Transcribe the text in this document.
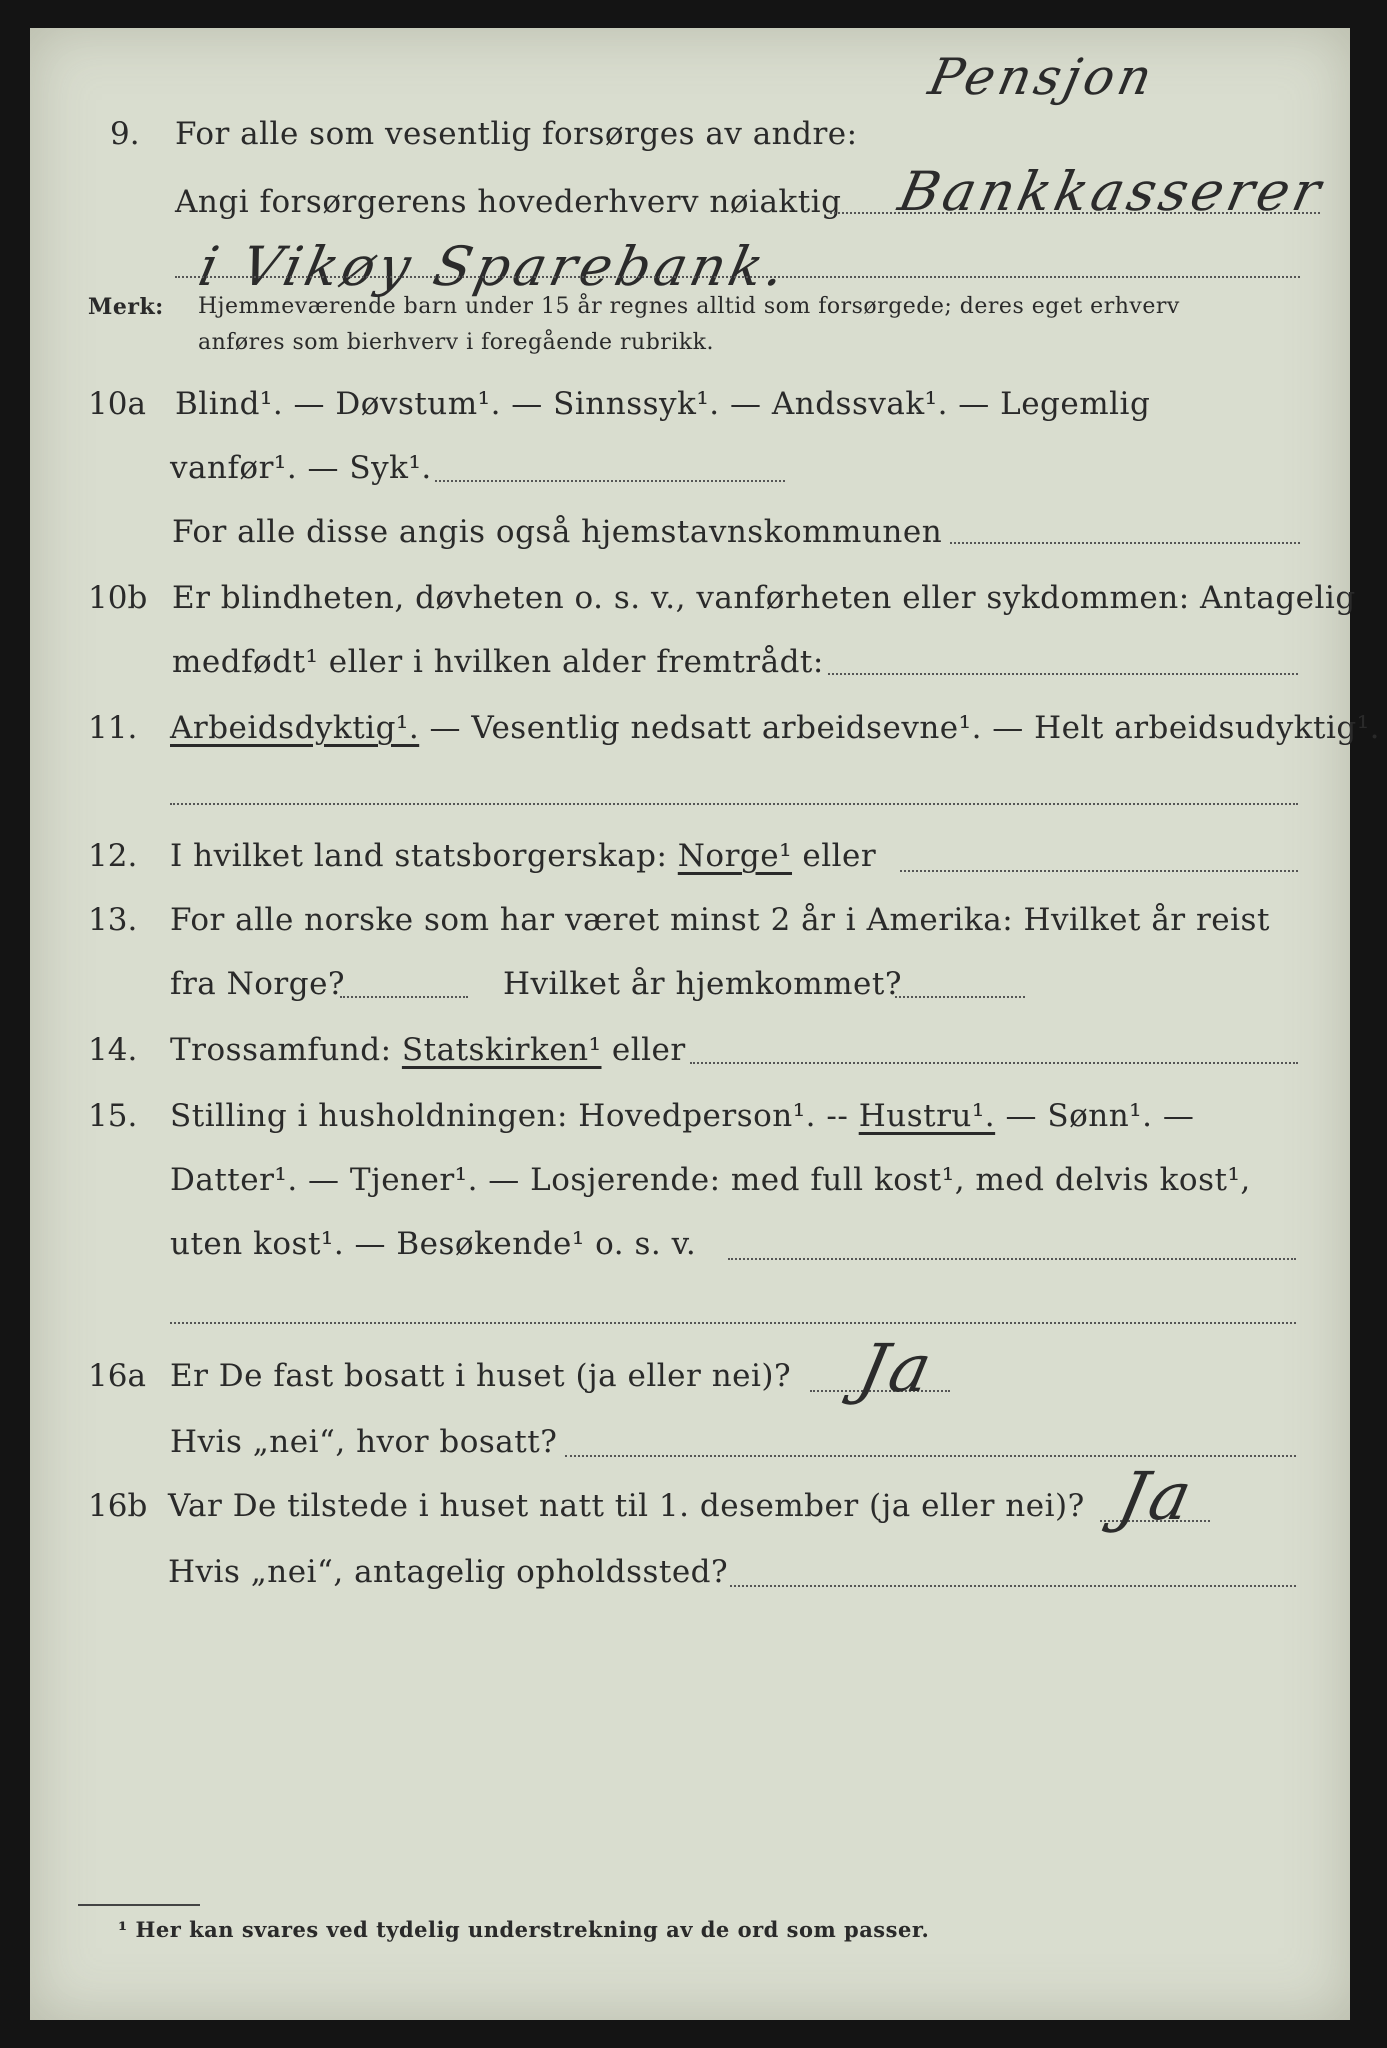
Pensjon
9. For alle som vesentlig forsørges av andre:
Angi forsørgerens hovederhverv nøiaktig Bankkasserer
i Vikøy Sparebank.
Merk: Hjemmeværende barn under 15 år regnes alltid som forsørgede; deres eget erhverv
anføres som bierhverv i foregående rubrikk.
10a Blind¹. — Døvstum¹. — Sinnssyk¹. — Andssvak¹. — Legemlig
vanfør¹. — Syk¹.
For alle disse angis også hjemstavnskommunen
10b Er blindheten, døvheten o. s. v., vanførheten eller sykdommen: Antagelig
medfødt¹ eller i hvilken alder fremtrådt:
11. Arbeidsdyktig¹. — Vesentlig nedsatt arbeidsevne¹. — Helt arbeidsudyktig¹.
12. I hvilket land statsborgerskap: Norge¹ eller
13. For alle norske som har været minst 2 år i Amerika: Hvilket år reist
fra Norge?	Hvilket år hjemkommet?
14. Trossamfund: Statskirken¹ eller
15. Stilling i husholdningen: Hovedperson¹. -- Hustru¹. — Sønn¹. —
Datter¹. — Tjener¹. — Losjerende: med full kost¹, med delvis kost¹,
uten kost¹. — Besøkende¹ o. s. v.
16a Er De fast bosatt i huset (ja eller nei)? Ja
Hvis „nei“, hvor bosatt?
16b Var De tilstede i huset natt til 1. desember (ja eller nei)? Ja
Hvis „nei“, antagelig opholdssted?
¹ Her kan svares ved tydelig understrekning av de ord som passer.
